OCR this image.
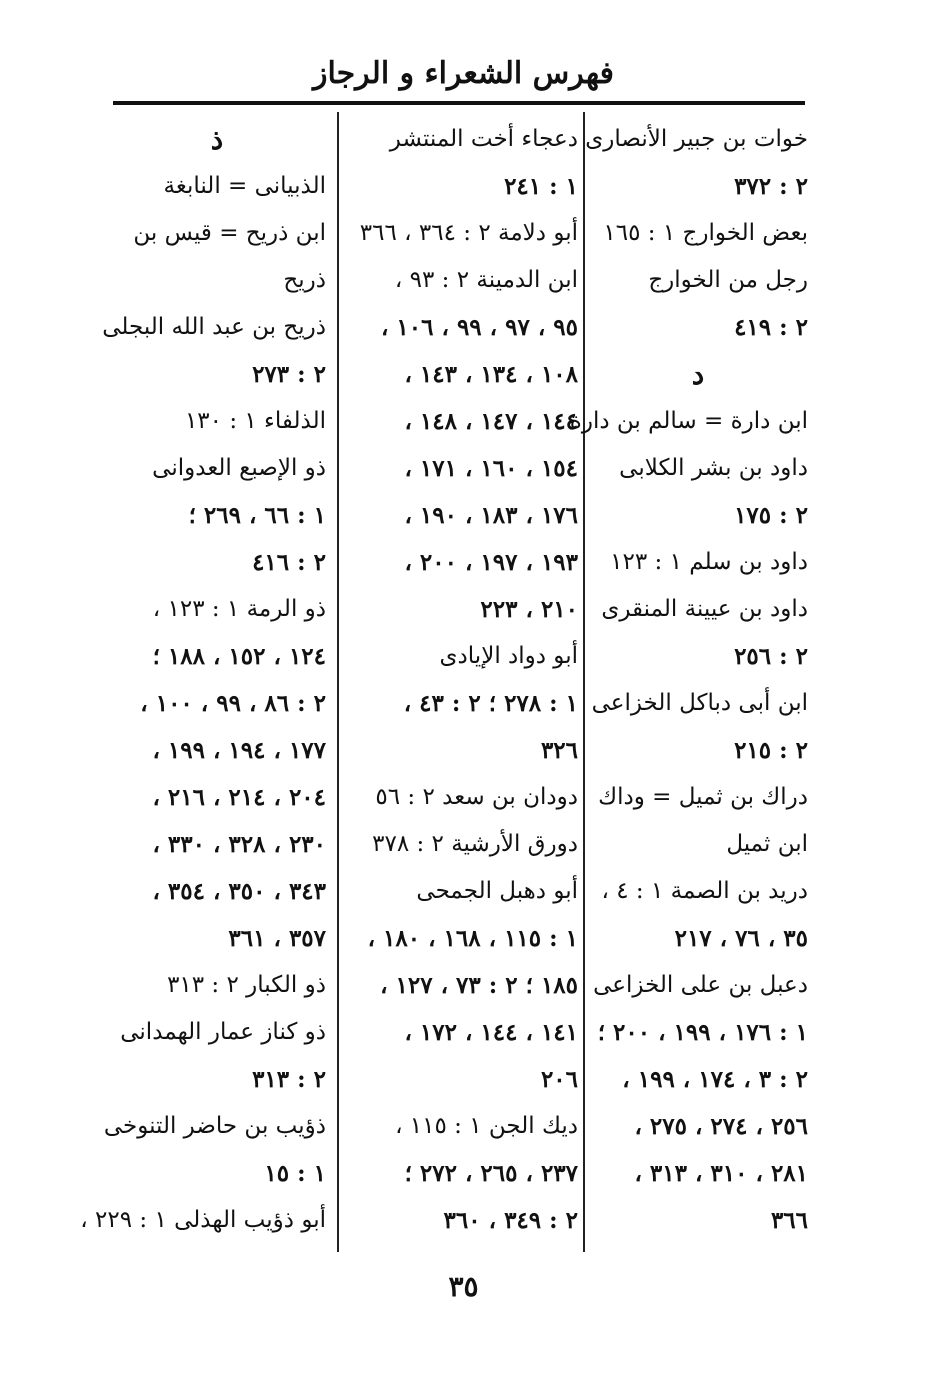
فهرس الشعراء و الرجاز
خوات بن جبير الأنصارى
٢ : ٣٧٢
بعض الخوارج ١ : ١٦٥
رجل من الخوارج
٢ : ٤١٩
د
ابن دارة = سالم بن دارة
داود بن بشر الكلابى
٢ : ١٧٥
داود بن سلم ١ : ١٢٣
داود بن عيينة المنقرى
٢ : ٢٥٦
ابن أبى دباكل الخزاعى
٢ : ٢١٥
دراك بن ثميل = وداك
ابن ثميل
دريد بن الصمة ١ : ٤ ،
٣٥ ، ٧٦ ، ٢١٧
دعبل بن على الخزاعى
١ : ١٧٦ ، ١٩٩ ، ٢٠٠ ؛
٢ : ٣ ، ١٧٤ ، ١٩٩ ،
٢٥٦ ، ٢٧٤ ، ٢٧٥ ،
٢٨١ ، ٣١٠ ، ٣١٣ ،
٣٦٦
دعجاء أخت المنتشر
١ : ٢٤١
أبو دلامة ٢ : ٣٦٤ ، ٣٦٦
ابن الدمينة ٢ : ٩٣ ،
٩٥ ، ٩٧ ، ٩٩ ، ١٠٦ ،
١٠٨ ، ١٣٤ ، ١٤٣ ،
١٤٤ ، ١٤٧ ، ١٤٨ ،
١٥٤ ، ١٦٠ ، ١٧١ ،
١٧٦ ، ١٨٣ ، ١٩٠ ،
١٩٣ ، ١٩٧ ، ٢٠٠ ،
٢١٠ ، ٢٢٣
أبو دواد الإيادى
١ : ٢٧٨ ؛ ٢ : ٤٣ ،
٣٢٦
دودان بن سعد ٢ : ٥٦
دورق الأرشية ٢ : ٣٧٨
أبو دهبل الجمحى
١ : ١١٥ ، ١٦٨ ، ١٨٠ ،
١٨٥ ؛ ٢ : ٧٣ ، ١٢٧ ،
١٤١ ، ١٤٤ ، ١٧٢ ،
٢٠٦
ديك الجن ١ : ١١٥ ،
٢٣٧ ، ٢٦٥ ، ٢٧٢ ؛
٢ : ٣٤٩ ، ٣٦٠
ذ
الذبيانى = النابغة
ابن ذريح = قيس بن
ذريح
ذريح بن عبد الله البجلى
٢ : ٢٧٣
الذلفاء ١ : ١٣٠
ذو الإصبع العدوانى
١ : ٦٦ ، ٢٦٩ ؛
٢ : ٤١٦
ذو الرمة ١ : ١٢٣ ،
١٢٤ ، ١٥٢ ، ١٨٨ ؛
٢ : ٨٦ ، ٩٩ ، ١٠٠ ،
١٧٧ ، ١٩٤ ، ١٩٩ ،
٢٠٤ ، ٢١٤ ، ٢١٦ ،
٢٣٠ ، ٣٢٨ ، ٣٣٠ ،
٣٤٣ ، ٣٥٠ ، ٣٥٤ ،
٣٥٧ ، ٣٦١
ذو الكبار ٢ : ٣١٣
ذو كناز عمار الهمدانى
٢ : ٣١٣
ذؤيب بن حاضر التنوخى
١ : ١٥
أبو ذؤيب الهذلى ١ : ٢٢٩ ،
٣٥
